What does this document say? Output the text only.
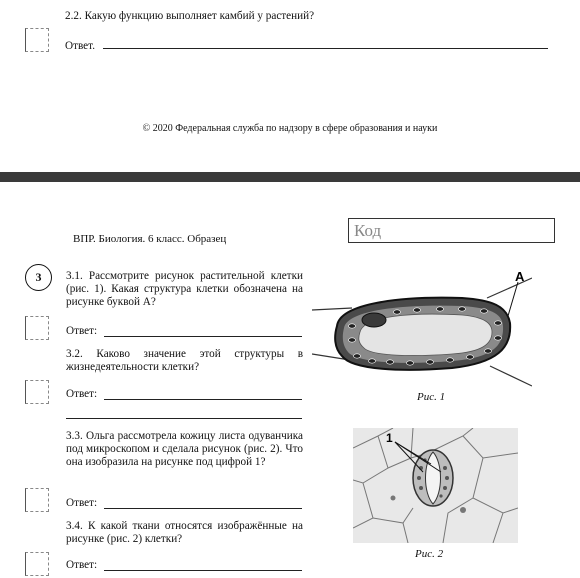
2.2. Какую функцию выполняет камбий у растений?
Ответ.
© 2020 Федеральная служба по надзору в сфере образования и науки
ВПР. Биология. 6 класс. Образец	Код
3	3.1. Рассмотрите рисунок растительной клетки (рис. 1). Какая структура клетки обозначена на рисунке буквой А?
Ответ:
3.2. Каково значение этой структуры в жизнедеятельности клетки?
Ответ:
3.3. Ольга рассмотрела кожицу листа одуванчика под микроскопом и сделала рисунок (рис. 2). Что она изобразила на рисунке под цифрой 1?
Ответ:
3.4. К какой ткани относятся изображённые на рисунке (рис. 2) клетки?
Ответ:
А
Рис. 1
1
Рис. 2
